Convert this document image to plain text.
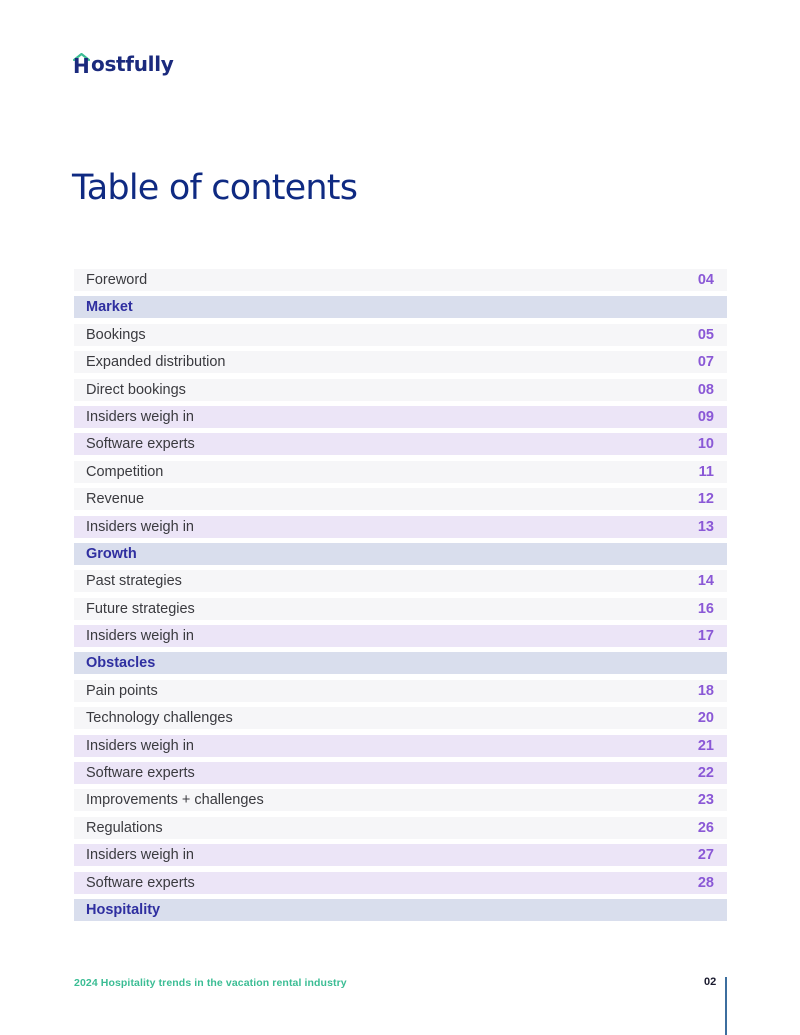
H ostfully
Table of contents
Foreword	04
Market
Bookings	05
Expanded distribution	07
Direct bookings	08
Insiders weigh in	09
Software experts	10
Competition	11
Revenue	12
Insiders weigh in	13
Growth
Past strategies	14
Future strategies	16
Insiders weigh in	17
Obstacles
Pain points	18
Technology challenges	20
Insiders weigh in	21
Software experts	22
Improvements + challenges	23
Regulations	26
Insiders weigh in	27
Software experts	28
Hospitality
2024 Hospitality trends in the vacation rental industry	02
